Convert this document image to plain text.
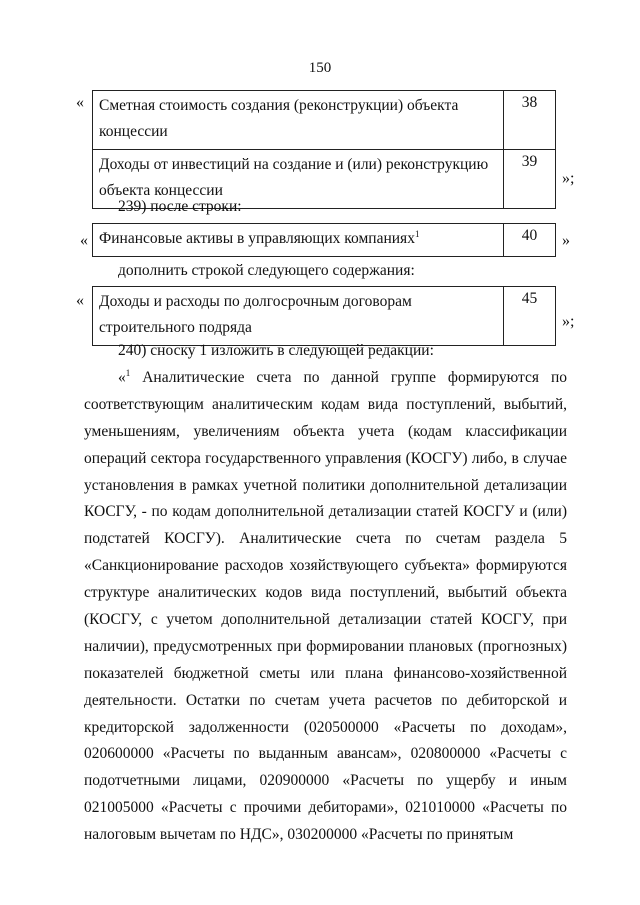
150
« Сметная стоимость создания (реконструкции) объекта
концессии	38
Доходы от инвестиций на создание и (или) реконструкцию
объекта концессии	39
»;
239) после строки:
« Финансовые активы в управляющих компаниях$^1$	40 »
дополнить строкой следующего содержания:
« Доходы и расходы по долгосрочным договорам
строительного подряда	45
»;
240) сноску 1 изложить в следующей редакции:
«$^1$ Аналитические счета по данной группе формируются по
соответствующим аналитическим кодам вида поступлений, выбытий,
уменьшениям, увеличениям объекта учета (кодам классификации
операций сектора государственного управления (КОСГУ) либо, в случае
установления в рамках учетной политики дополнительной детализации
КОСГУ, - по кодам дополнительной детализации статей КОСГУ и (или)
подстатей КОСГУ). Аналитические счета по счетам раздела 5
«Санкционирование расходов хозяйствующего субъекта» формируются
структуре аналитических кодов вида поступлений, выбытий объекта
(КОСГУ, с учетом дополнительной детализации статей КОСГУ, при
наличии), предусмотренных при формировании плановых (прогнозных)
показателей бюджетной сметы или плана финансово-хозяйственной
деятельности. Остатки по счетам учета расчетов по дебиторской и
кредиторской задолженности (020500000 «Расчеты по доходам»,
020600000 «Расчеты по выданным авансам», 020800000 «Расчеты с
подотчетными лицами, 020900000 «Расчеты по ущербу и иным
021005000 «Расчеты с прочими дебиторами», 021010000 «Расчеты по
налоговым вычетам по НДС», 030200000 «Расчеты по принятым
